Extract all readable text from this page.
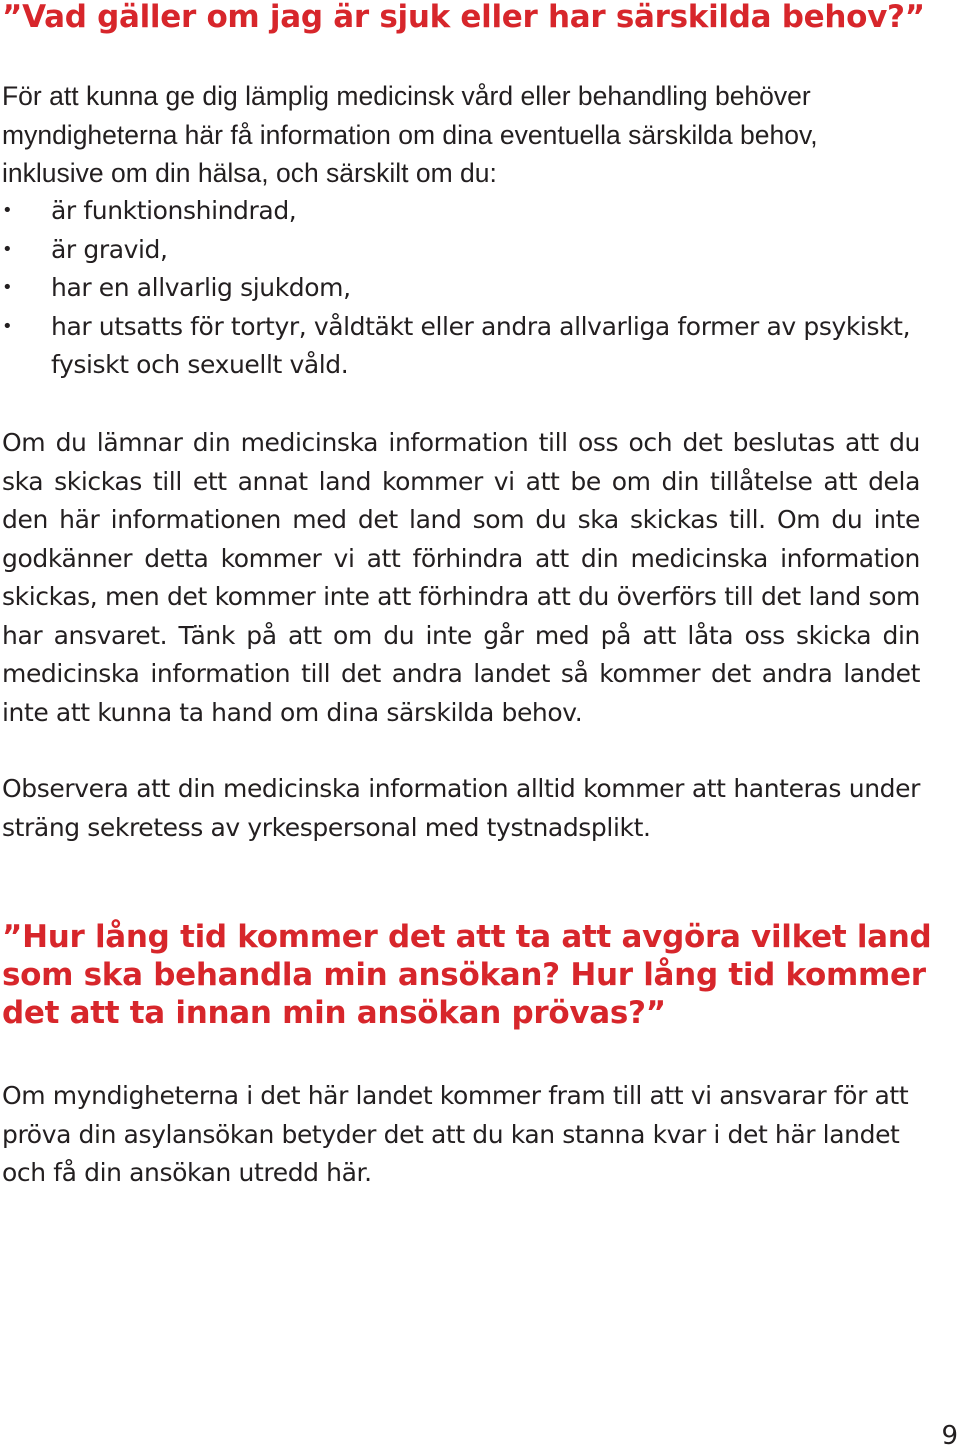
”Vad gäller om jag är sjuk eller har särskilda behov?”

För att kunna ge dig lämplig medicinsk vård eller behandling behöver myndigheterna här få information om dina eventuella särskilda behov, inklusive om din hälsa, och särskilt om du:

• är funktionshindrad,
• är gravid,
• har en allvarlig sjukdom,
• har utsatts för tortyr, våldtäkt eller andra allvarliga former av psykiskt, fysiskt och sexuellt våld.

Om du lämnar din medicinska information till oss och det beslutas att du ska skickas till ett annat land kommer vi att be om din tillåtelse att dela den här informationen med det land som du ska skickas till. Om du inte godkänner detta kommer vi att förhindra att din medicinska information skickas, men det kommer inte att förhindra att du överförs till det land som har ansvaret. Tänk på att om du inte går med på att låta oss skicka din medicinska information till det andra landet så kommer det andra landet inte att kunna ta hand om dina särskilda behov.

Observera att din medicinska information alltid kommer att hanteras under sträng sekretess av yrkespersonal med tystnadsplikt.

”Hur lång tid kommer det att ta att avgöra vilket land som ska behandla min ansökan? Hur lång tid kommer det att ta innan min ansökan prövas?”

Om myndigheterna i det här landet kommer fram till att vi ansvarar för att pröva din asylansökan betyder det att du kan stanna kvar i det här landet och få din ansökan utredd här.

9
